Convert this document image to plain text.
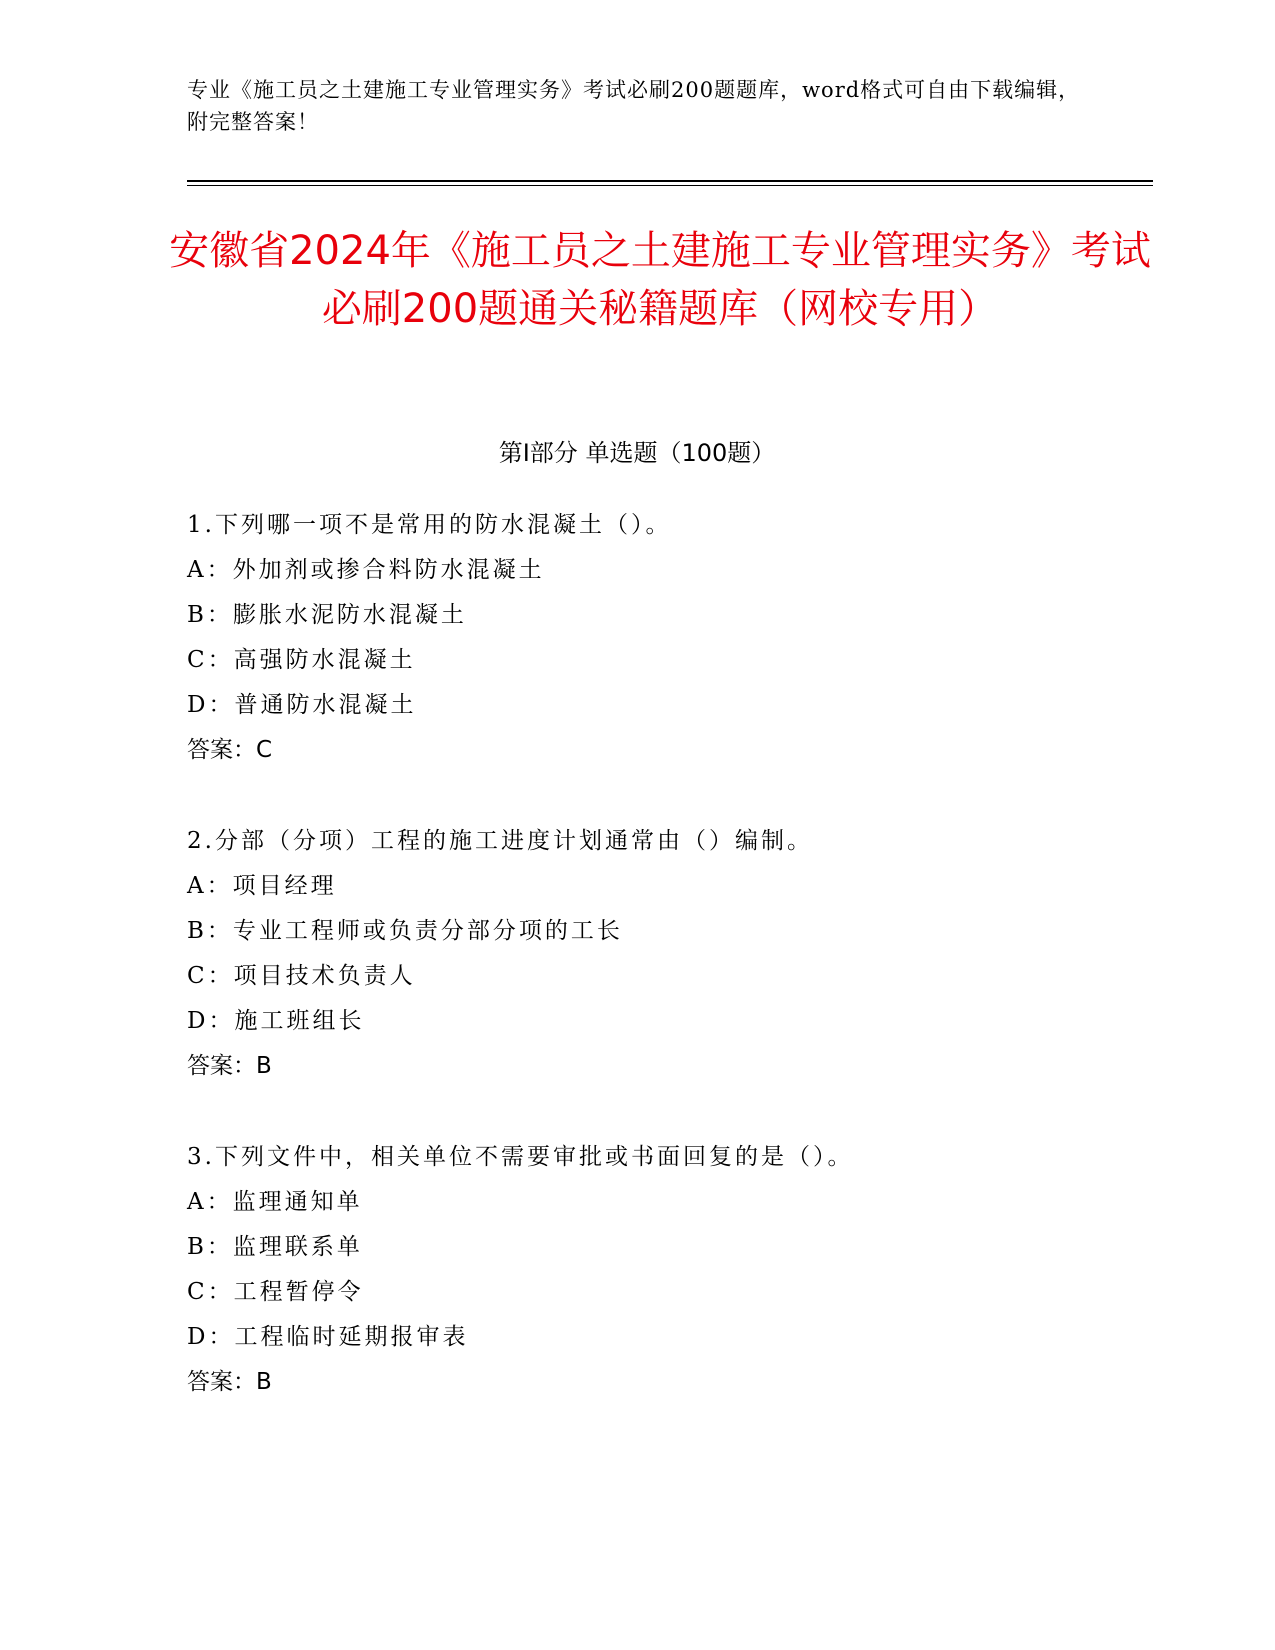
专业《施工员之土建施工专业管理实务》考试必刷200题题库，word格式可自由下载编辑，附完整答案！
安徽省2024年《施工员之土建施工专业管理实务》考试必刷200题通关秘籍题库（网校专用）
第I部分 单选题（100题）
1.下列哪一项不是常用的防水混凝土（）。
A：外加剂或掺合料防水混凝土
B：膨胀水泥防水混凝土
C：高强防水混凝土
D：普通防水混凝土
答案：C
2.分部（分项）工程的施工进度计划通常由（）编制。
A：项目经理
B：专业工程师或负责分部分项的工长
C：项目技术负责人
D：施工班组长
答案：B
3.下列文件中，相关单位不需要审批或书面回复的是（）。
A：监理通知单
B：监理联系单
C：工程暂停令
D：工程临时延期报审表
答案：B
